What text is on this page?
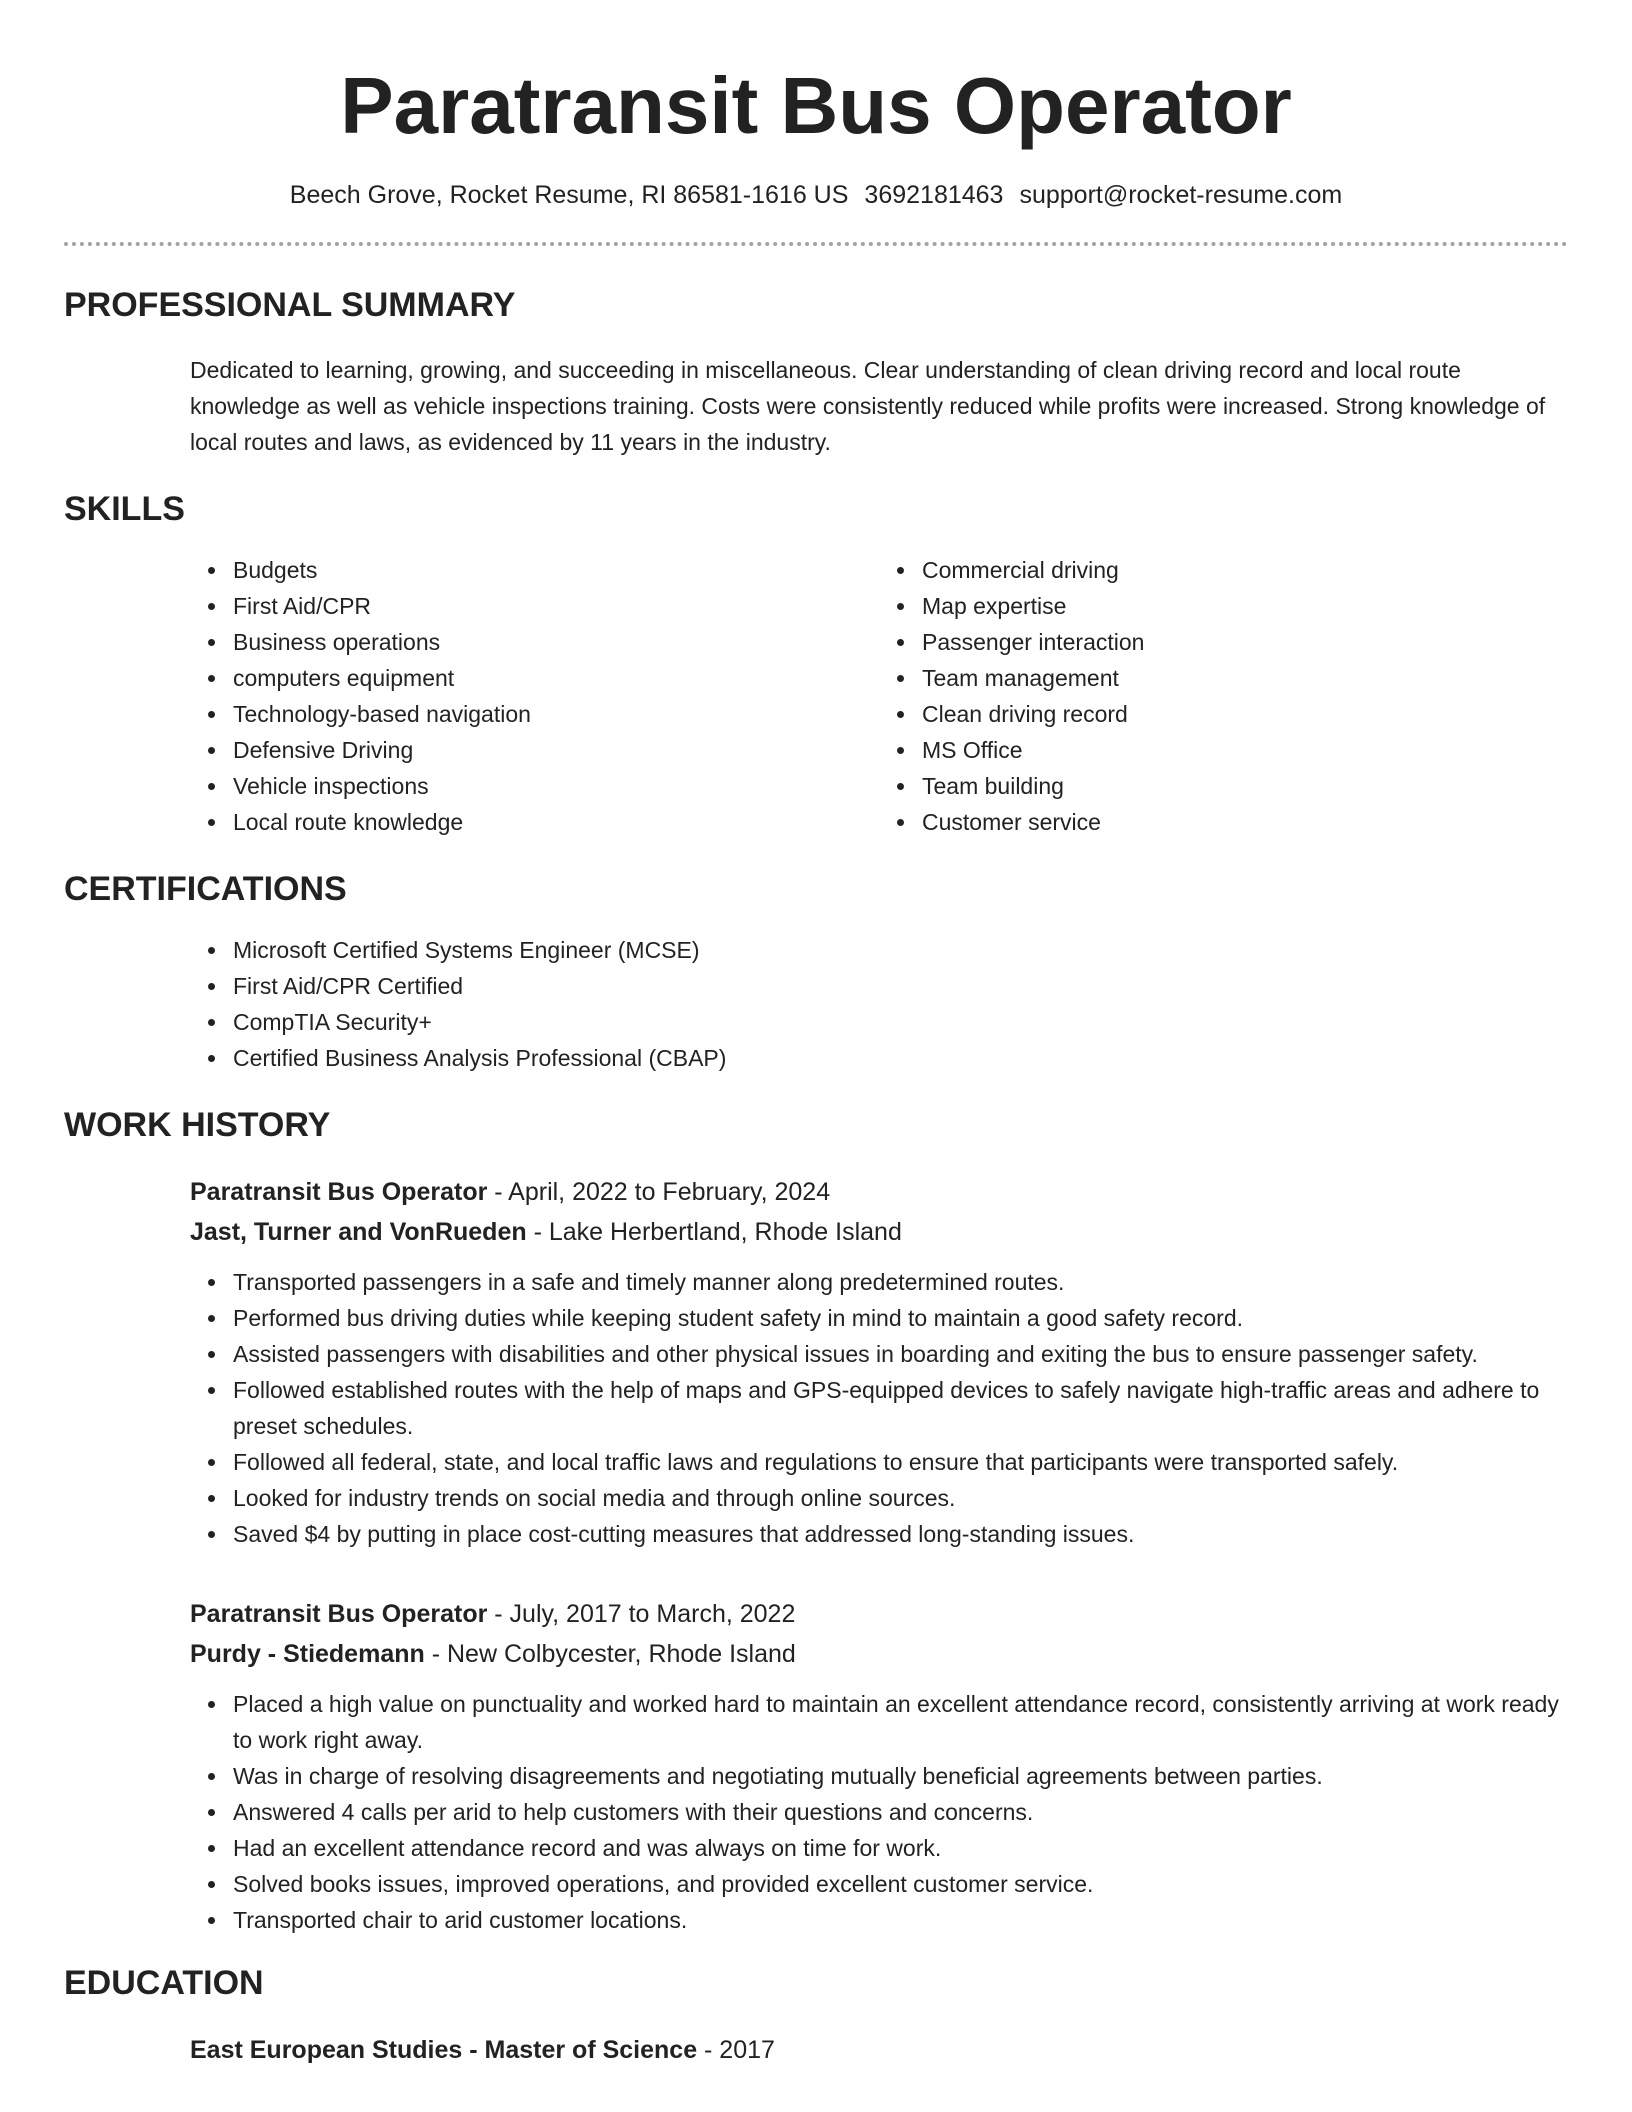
Paratransit Bus Operator
Beech Grove, Rocket Resume, RI 86581-1616 US 3692181463 support@rocket-resume.com
PROFESSIONAL SUMMARY
Dedicated to learning, growing, and succeeding in miscellaneous. Clear understanding of clean driving record and local route knowledge as well as vehicle inspections training. Costs were consistently reduced while profits were increased. Strong knowledge of local routes and laws, as evidenced by 11 years in the industry.
SKILLS
Budgets
First Aid/CPR
Business operations
computers equipment
Technology-based navigation
Defensive Driving
Vehicle inspections
Local route knowledge
Commercial driving
Map expertise
Passenger interaction
Team management
Clean driving record
MS Office
Team building
Customer service
CERTIFICATIONS
Microsoft Certified Systems Engineer (MCSE)
First Aid/CPR Certified
CompTIA Security+
Certified Business Analysis Professional (CBAP)
WORK HISTORY
Paratransit Bus Operator - April, 2022 to February, 2024
Jast, Turner and VonRueden - Lake Herbertland, Rhode Island
Transported passengers in a safe and timely manner along predetermined routes.
Performed bus driving duties while keeping student safety in mind to maintain a good safety record.
Assisted passengers with disabilities and other physical issues in boarding and exiting the bus to ensure passenger safety.
Followed established routes with the help of maps and GPS-equipped devices to safely navigate high-traffic areas and adhere to preset schedules.
Followed all federal, state, and local traffic laws and regulations to ensure that participants were transported safely.
Looked for industry trends on social media and through online sources.
Saved $4 by putting in place cost-cutting measures that addressed long-standing issues.
Paratransit Bus Operator - July, 2017 to March, 2022
Purdy - Stiedemann - New Colbycester, Rhode Island
Placed a high value on punctuality and worked hard to maintain an excellent attendance record, consistently arriving at work ready to work right away.
Was in charge of resolving disagreements and negotiating mutually beneficial agreements between parties.
Answered 4 calls per arid to help customers with their questions and concerns.
Had an excellent attendance record and was always on time for work.
Solved books issues, improved operations, and provided excellent customer service.
Transported chair to arid customer locations.
EDUCATION
East European Studies - Master of Science - 2017
